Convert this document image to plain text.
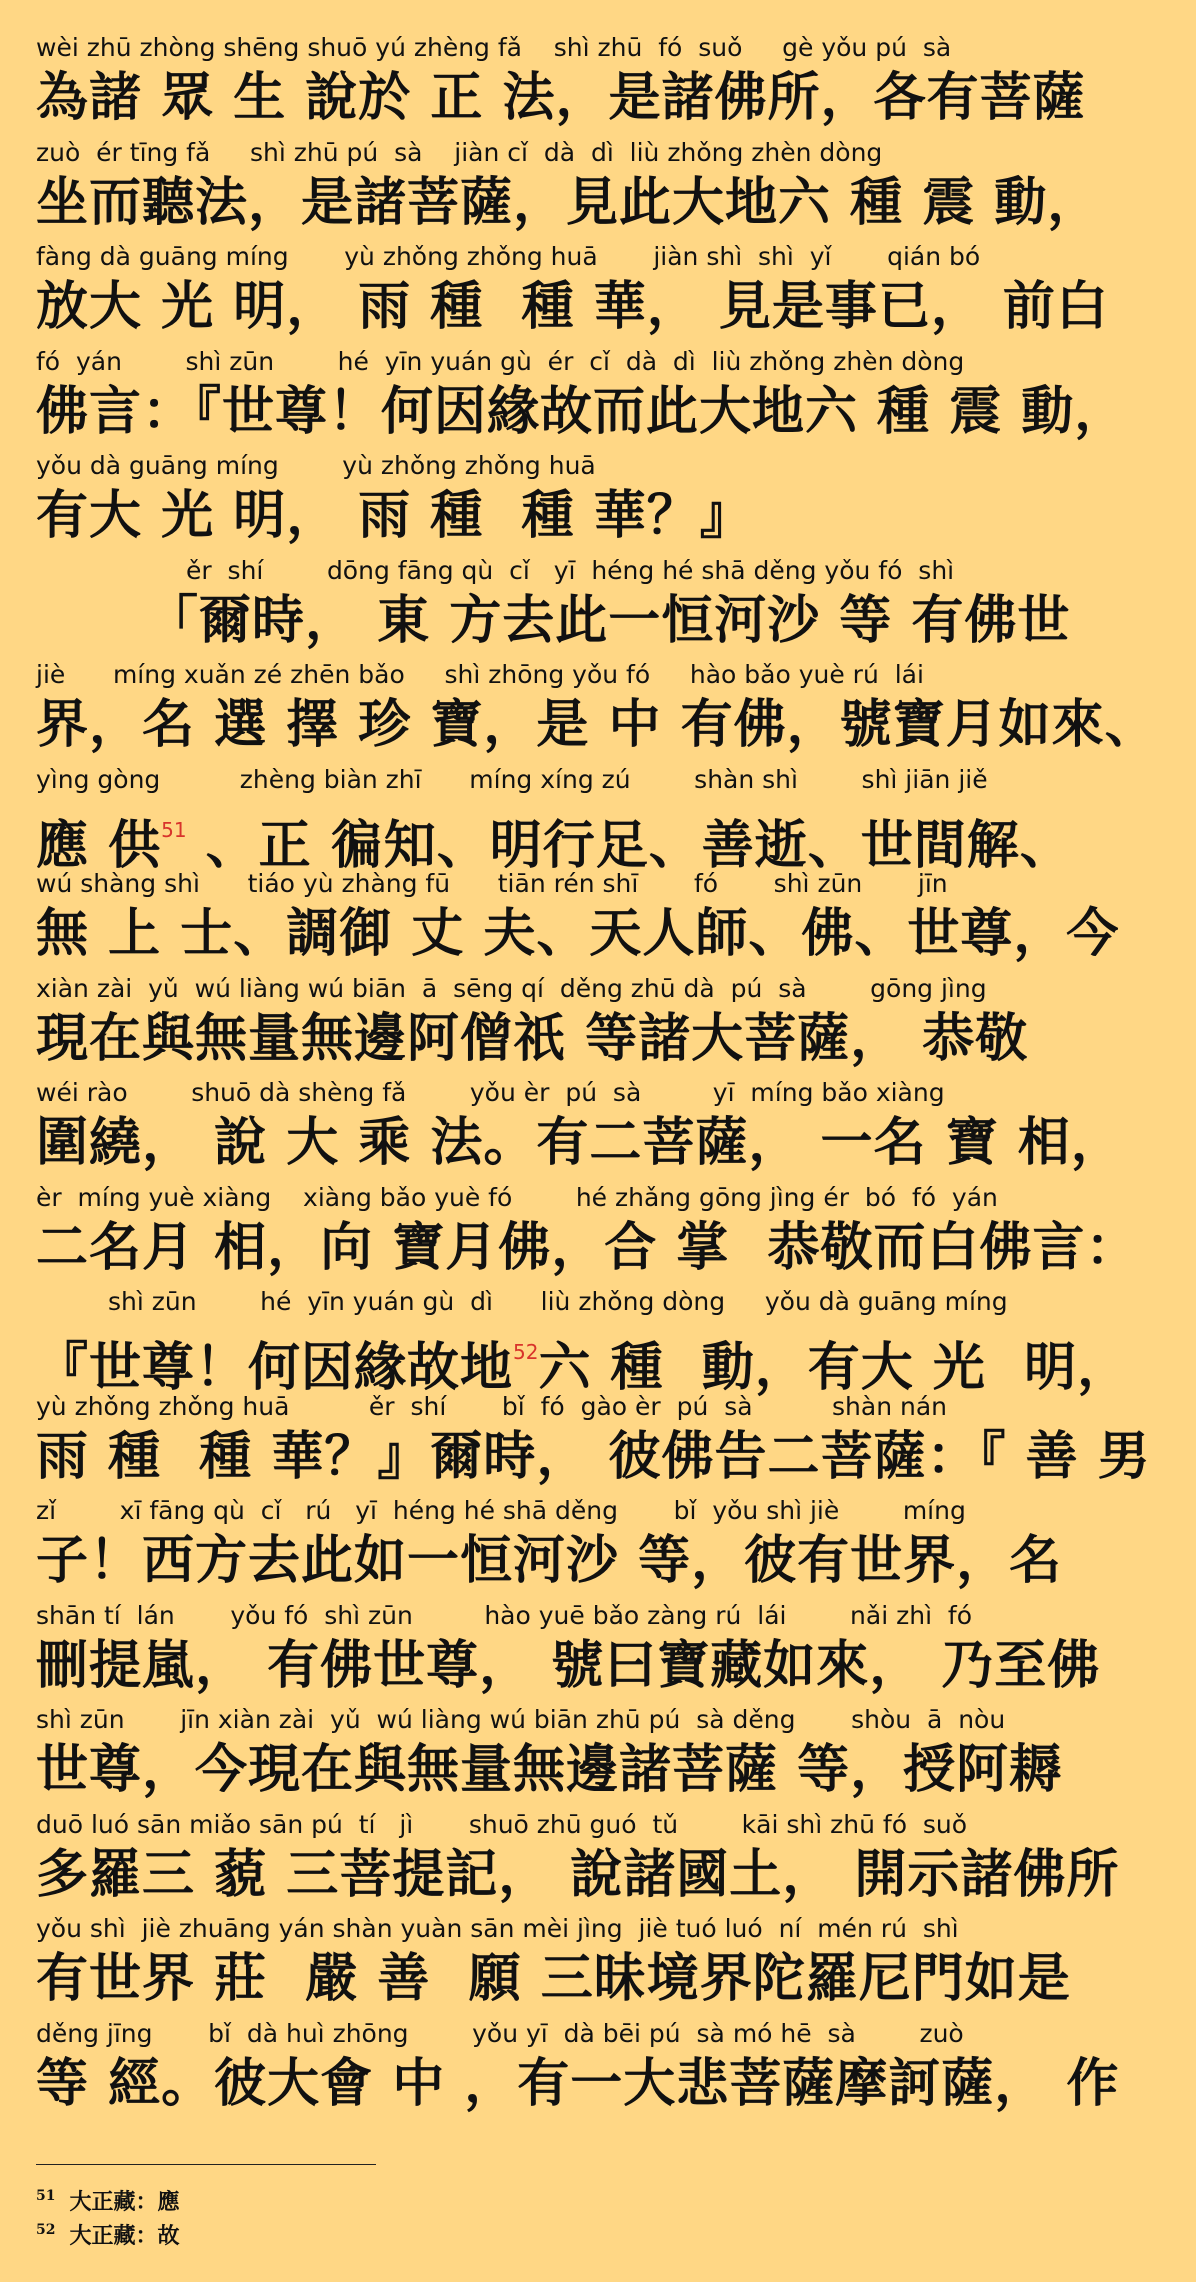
wèi zhū zhòng shēng shuō yú zhèng fǎ    shì zhū  fó  suǒ     gè yǒu pú  sà
為諸 眾 生 說於 正 法，是諸佛所，各有菩薩
zuò  ér tīng fǎ     shì zhū pú  sà    jiàn cǐ  dà  dì  liù zhǒng zhèn dòng
坐而聽法，是諸菩薩，見此大地六 種 震 動，
fàng dà guāng míng       yù zhǒng zhǒng huā       jiàn shì  shì  yǐ       qián bó
放大 光 明， 雨 種  種 華， 見是事已， 前白
fó  yán        shì zūn        hé  yīn yuán gù  ér  cǐ  dà  dì  liù zhǒng zhèn dòng
佛言：『世尊！何因緣故而此大地六 種 震 動，
yǒu dà guāng míng        yù zhǒng zhǒng huā
有大 光 明， 雨 種  種 華？』
ěr  shí        dōng fāng qù  cǐ   yī  héng hé shā děng yǒu fó  shì
「爾時， 東 方去此一恒河沙 等 有佛世
jiè      míng xuǎn zé zhēn bǎo     shì zhōng yǒu fó     hào bǎo yuè rú  lái
界，名 選 擇 珍 寶，是 中 有佛，號寶月如來、
yìng gòng          zhèng biàn zhī      míng xíng zú        shàn shì        shì jiān jiě
應 供$^{51}$ 、正 徧知、明行足、善逝、世間解、
wú shàng shì      tiáo yù zhàng fū      tiān rén shī       fó       shì zūn       jīn
無 上 士、調御 丈 夫、天人師、佛、世尊，今
xiàn zài  yǔ  wú liàng wú biān  ā  sēng qí  děng zhū dà  pú  sà        gōng jìng
現在與無量無邊阿僧祇 等諸大菩薩， 恭敬
wéi rào        shuō dà shèng fǎ        yǒu èr  pú  sà         yī  míng bǎo xiàng
圍繞， 說 大 乘 法。有二菩薩， 一名 寶 相，
èr  míng yuè xiàng    xiàng bǎo yuè fó        hé zhǎng gōng jìng ér  bó  fó  yán
二名月 相，向 寶月佛，合 掌  恭敬而白佛言：
shì zūn        hé  yīn yuán gù  dì      liù zhǒng dòng     yǒu dà guāng míng
『世尊！何因緣故地$^{52}$六 種  動，有大 光  明，
yù zhǒng zhǒng huā          ěr  shí       bǐ  fó  gào èr  pú  sà          shàn nán
雨 種  種 華？』爾時， 彼佛告二菩薩：『 善 男
zǐ        xī fāng qù  cǐ   rú   yī  héng hé shā děng       bǐ  yǒu shì jiè        míng
子！西方去此如一恒河沙 等，彼有世界，名
shān tí  lán       yǒu fó  shì zūn         hào yuē bǎo zàng rú  lái        nǎi zhì  fó
刪提嵐， 有佛世尊， 號曰寶藏如來， 乃至佛
shì zūn       jīn xiàn zài  yǔ  wú liàng wú biān zhū pú  sà děng       shòu  ā  nòu
世尊，今現在與無量無邊諸菩薩 等，授阿耨
duō luó sān miǎo sān pú  tí   jì       shuō zhū guó  tǔ        kāi shì zhū fó  suǒ
多羅三 藐 三菩提記， 說諸國土， 開示諸佛所
yǒu shì  jiè zhuāng yán shàn yuàn sān mèi jìng  jiè tuó luó  ní  mén rú  shì
有世界 莊  嚴 善  願 三昧境界陀羅尼門如是
děng jīng       bǐ  dà huì zhōng        yǒu yī  dà bēi pú  sà mó hē  sà        zuò
等 經。彼大會 中 ，有一大悲菩薩摩訶薩， 作
$^{51}$ 大正藏：應
$^{52}$ 大正藏：故
